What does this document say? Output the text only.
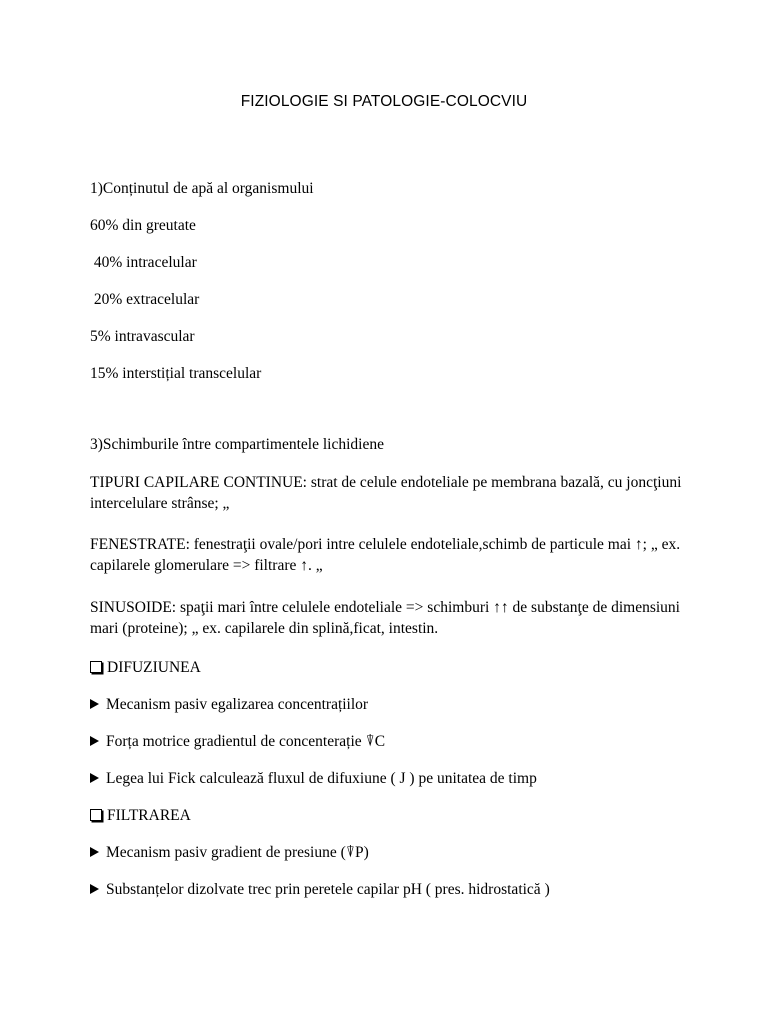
FIZIOLOGIE SI PATOLOGIE-COLOCVIU
1)Conținutul de apă al organismului
60% din greutate
40% intracelular
20% extracelular
5% intravascular
15% interstițial transcelular
3)Schimburile între compartimentele lichidiene
TIPURI CAPILARE CONTINUE: strat de celule endoteliale pe membrana bazală, cu joncţiuni intercelulare strânse; „
FENESTRATE: fenestraţii ovale/pori intre celulele endoteliale,schimb de particule mai ↑; „ ex. capilarele glomerulare => filtrare ↑. „
SINUSOIDE: spaţii mari între celulele endoteliale => schimburi ↑↑ de substanţe de dimensiuni mari (proteine); „ ex. capilarele din splină,ficat, intestin.
DIFUZIUNEA
Mecanism pasiv egalizarea concentrațiilor
Forța motrice gradientul de concenterație ⍒C
Legea lui Fick calculează fluxul de difuxiune ( J ) pe unitatea de timp
FILTRAREA
Mecanism pasiv gradient de presiune (⍒P)
Substanțelor dizolvate trec prin peretele capilar pH ( pres. hidrostatică )
